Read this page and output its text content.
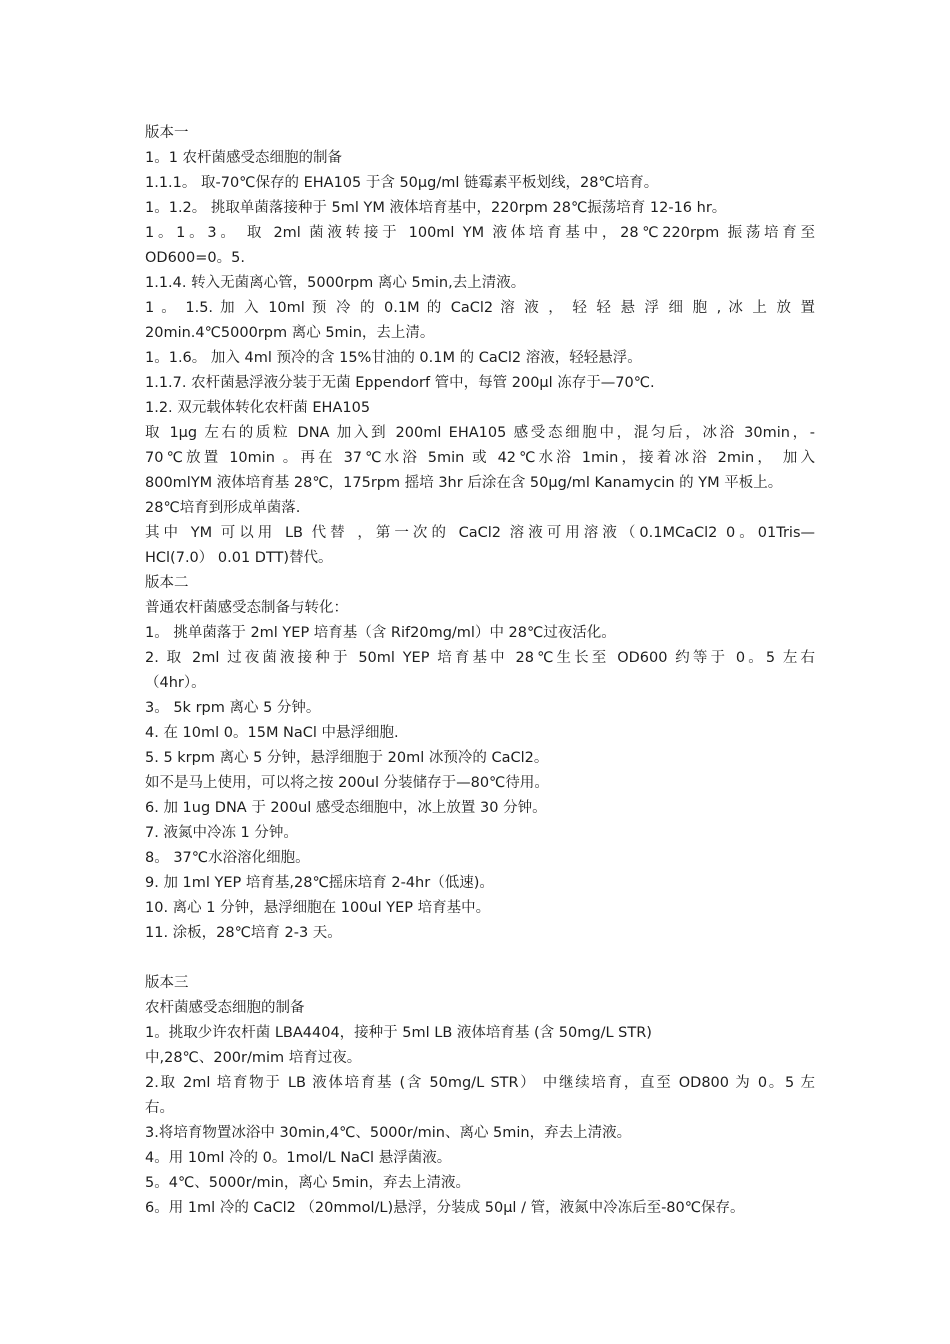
版本一
1。1 农杆菌感受态细胞的制备
1.1.1。 取-70℃保存的 EHA105 于含 50μg/ml 链霉素平板划线，28℃培育。
1。1.2。 挑取单菌落接种于 5ml YM 液体培育基中，220rpm 28℃振荡培育 12-16 hr。
1。1。3。 取 2ml 菌液转接于 100ml YM 液体培育基中，28℃220rpm 振荡培育至
OD600=0。5.
1.1.4. 转入无菌离心管，5000rpm 离心 5min,去上清液。
1 。 1.5. 加 入 10ml 预 冷 的 0.1M 的 CaCl2 溶 液 ， 轻 轻 悬 浮 细 胞 , 冰 上 放 置
20min.4℃5000rpm 离心 5min，去上清。
1。1.6。 加入 4ml 预冷的含 15%甘油的 0.1M 的 CaCl2 溶液，轻轻悬浮。
1.1.7. 农杆菌悬浮液分装于无菌 Eppendorf 管中，每管 200μl 冻存于—70℃.
1.2. 双元载体转化农杆菌 EHA105
取 1μg 左右的质粒 DNA 加入到 200ml EHA105 感受态细胞中，混匀后，冰浴 30min，-
70℃放置 10min 。再在 37℃水浴 5min 或 42℃水浴 1min，接着冰浴 2min， 加入
800mlYM 液体培育基 28℃，175rpm 摇培 3hr 后涂在含 50μg/ml Kanamycin 的 YM 平板上。
28℃培育到形成单菌落.
其中 YM 可以用 LB 代替 ，第一次的 CaCl2 溶液可用溶液（0.1MCaCl2 0。01Tris—
HCl(7.0） 0.01 DTT)替代。
版本二
普通农杆菌感受态制备与转化：
1。 挑单菌落于 2ml YEP 培育基（含 Rif20mg/ml）中 28℃过夜活化。
2. 取 2ml 过夜菌液接种于 50ml YEP 培育基中 28℃生长至 OD600 约等于 0。5 左右
（4hr）。
3。 5k rpm 离心 5 分钟。
4. 在 10ml 0。15M NaCl 中悬浮细胞.
5. 5 krpm 离心 5 分钟，悬浮细胞于 20ml 冰预冷的 CaCl2。
如不是马上使用，可以将之按 200ul 分装储存于—80℃待用。
6. 加 1ug DNA 于 200ul 感受态细胞中，冰上放置 30 分钟。
7. 液氮中冷冻 1 分钟。
8。 37℃水浴溶化细胞。
9. 加 1ml YEP 培育基,28℃摇床培育 2-4hr（低速)。
10. 离心 1 分钟，悬浮细胞在 100ul YEP 培育基中。
11. 涂板，28℃培育 2-3 天。
版本三
农杆菌感受态细胞的制备
1。挑取少许农杆菌 LBA4404，接种于 5ml LB 液体培育基 (含 50mg/L STR)
中,28℃、200r/mim 培育过夜。
2.取 2ml 培育物于 LB 液体培育基 (含 50mg/L STR） 中继续培育，直至 OD800 为 0。5 左
右。
3.将培育物置冰浴中 30min,4℃、5000r/min、离心 5min，弃去上清液。
4。用 10ml 冷的 0。1mol/L NaCl 悬浮菌液。
5。4℃、5000r/min，离心 5min，弃去上清液。
6。用 1ml 冷的 CaCl2 （20mmol/L)悬浮，分装成 50μl / 管，液氮中冷冻后至-80℃保存。
